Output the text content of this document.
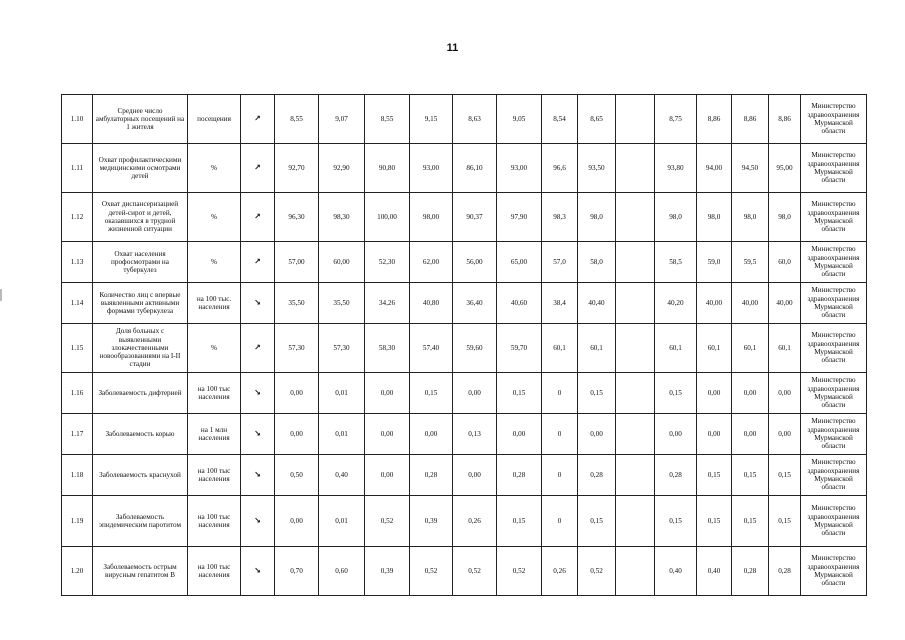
11
1.10	Среднее число амбулаторных посещений на 1 жителя	посещения	↗	8,55	9,07	8,55	9,15	8,63	9,05	8,54	8,65		8,75	8,86	8,86	8,86	Министерство здравоохранения Мурманской области
1.11	Охват профилактическими медицинскими осмотрами детей	%	↗	92,70	92,90	90,80	93,00	86,10	93,00	96,6	93,50		93,80	94,00	94,50	95,00	Министерство здравоохранения Мурманской области
1.12	Охват диспансеризацией детей-сирот и детей, оказавшихся в трудной жизненной ситуации	%	↗	96,30	98,30	100,00	98,00	90,37	97,90	98,3	98,0		98,0	98,0	98,0	98,0	Министерство здравоохранения Мурманской области
1.13	Охват населения профосмотрами на туберкулез	%	↗	57,00	60,00	52,30	62,00	56,00	65,00	57,0	58,0		58,5	59,0	59,5	60,0	Министерство здравоохранения Мурманской области
1.14	Количество лиц с впервые выявленными активными формами туберкулеза	на 100 тыс. населения	↘	35,50	35,50	34,26	40,80	36,40	40,60	38,4	40,40		40,20	40,00	40,00	40,00	Министерство здравоохранения Мурманской области
1.15	Доля больных с выявленными злокачественными новообразованиями на I-II стадии	%	↗	57,30	57,30	58,30	57,40	59,60	59,70	60,1	60,1		60,1	60,1	60,1	60,1	Министерство здравоохранения Мурманской области
1.16	Заболеваемость дифтерией	на 100 тыс населения	↘	0,00	0,01	0,00	0,15	0,00	0,15	0	0,15		0,15	0,00	0,00	0,00	Министерство здравоохранения Мурманской области
1.17	Заболеваемость корью	на 1 млн населения	↘	0,00	0,01	0,00	0,00	0,13	0,00	0	0,00		0,00	0,00	0,00	0,00	Министерство здравоохранения Мурманской области
1.18	Заболеваемость краснухой	на 100 тыс населения	↘	0,50	0,40	0,00	0,28	0,00	0,28	0	0,28		0,28	0,15	0,15	0,15	Министерство здравоохранения Мурманской области
1.19	Заболеваемость эпидемическим паротитом	на 100 тыс населения	↘	0,00	0,01	0,52	0,39	0,26	0,15	0	0,15		0,15	0,15	0,15	0,15	Министерство здравоохранения Мурманской области
1.20	Заболеваемость острым вирусным гепатитом В	на 100 тыс населения	↘	0,70	0,60	0,39	0,52	0,52	0,52	0,26	0,52		0,40	0,40	0,28	0,28	Министерство здравоохранения Мурманской области
